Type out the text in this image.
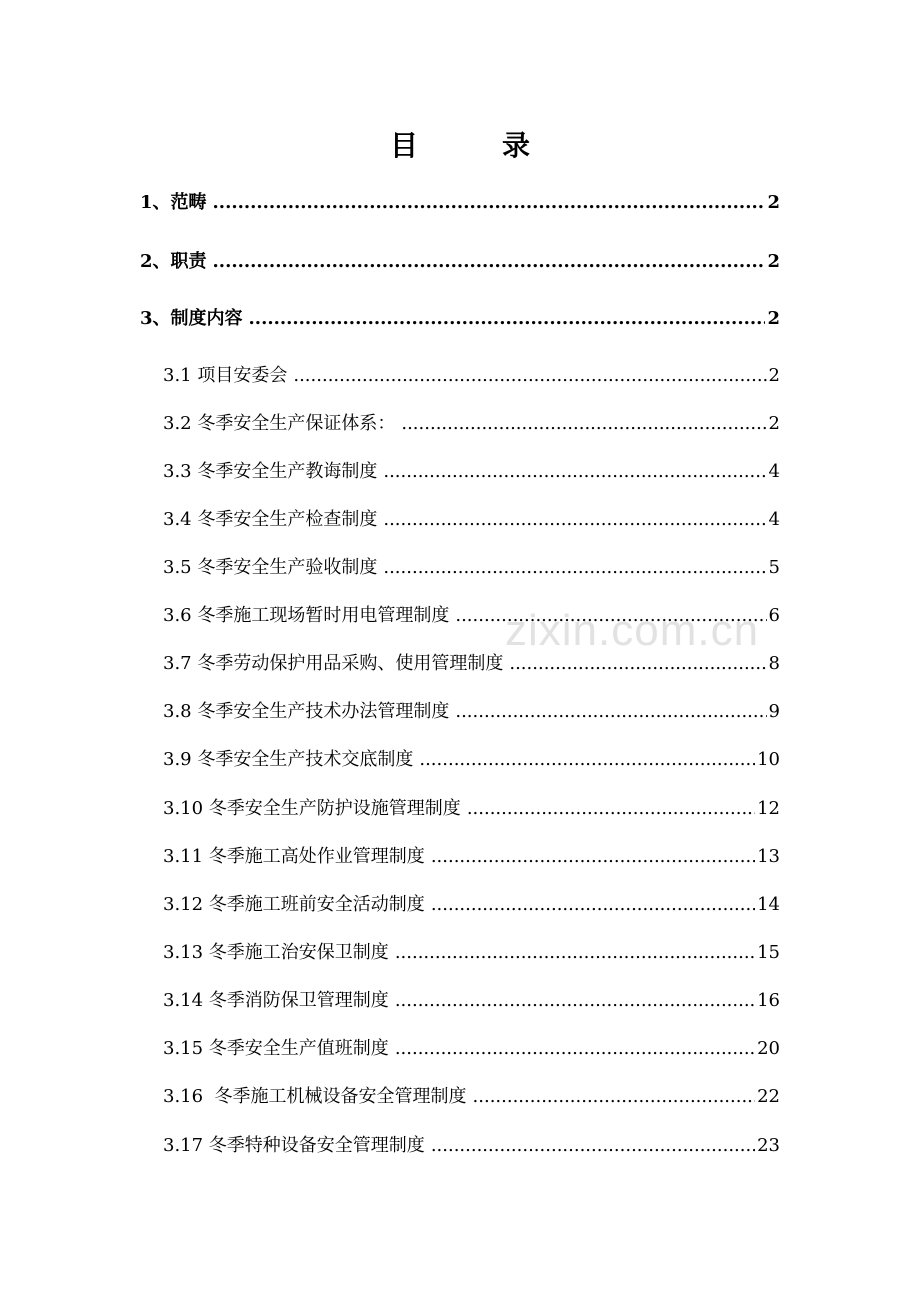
目　录
1、范畴 .....	2
2、职责 .....	2
3、制度内容 .....	2
3.1 项目安委会 .....	2
3.2 冬季安全生产保证体系： .....	2
3.3 冬季安全生产教诲制度 .....	4
3.4 冬季安全生产检查制度 .....	4
3.5 冬季安全生产验收制度 .....	5
3.6 冬季施工现场暂时用电管理制度 .....	6
3.7 冬季劳动保护用品采购、使用管理制度 .....	8
3.8 冬季安全生产技术办法管理制度 .....	9
3.9 冬季安全生产技术交底制度 .....	10
3.10 冬季安全生产防护设施管理制度 .....	12
3.11 冬季施工高处作业管理制度 .....	13
3.12 冬季施工班前安全活动制度 .....	14
3.13 冬季施工治安保卫制度 .....	15
3.14 冬季消防保卫管理制度 .....	16
3.15 冬季安全生产值班制度 .....	20
3.16  冬季施工机械设备安全管理制度 .....	22
3.17 冬季特种设备安全管理制度 .....	23
zixin.com.cn
